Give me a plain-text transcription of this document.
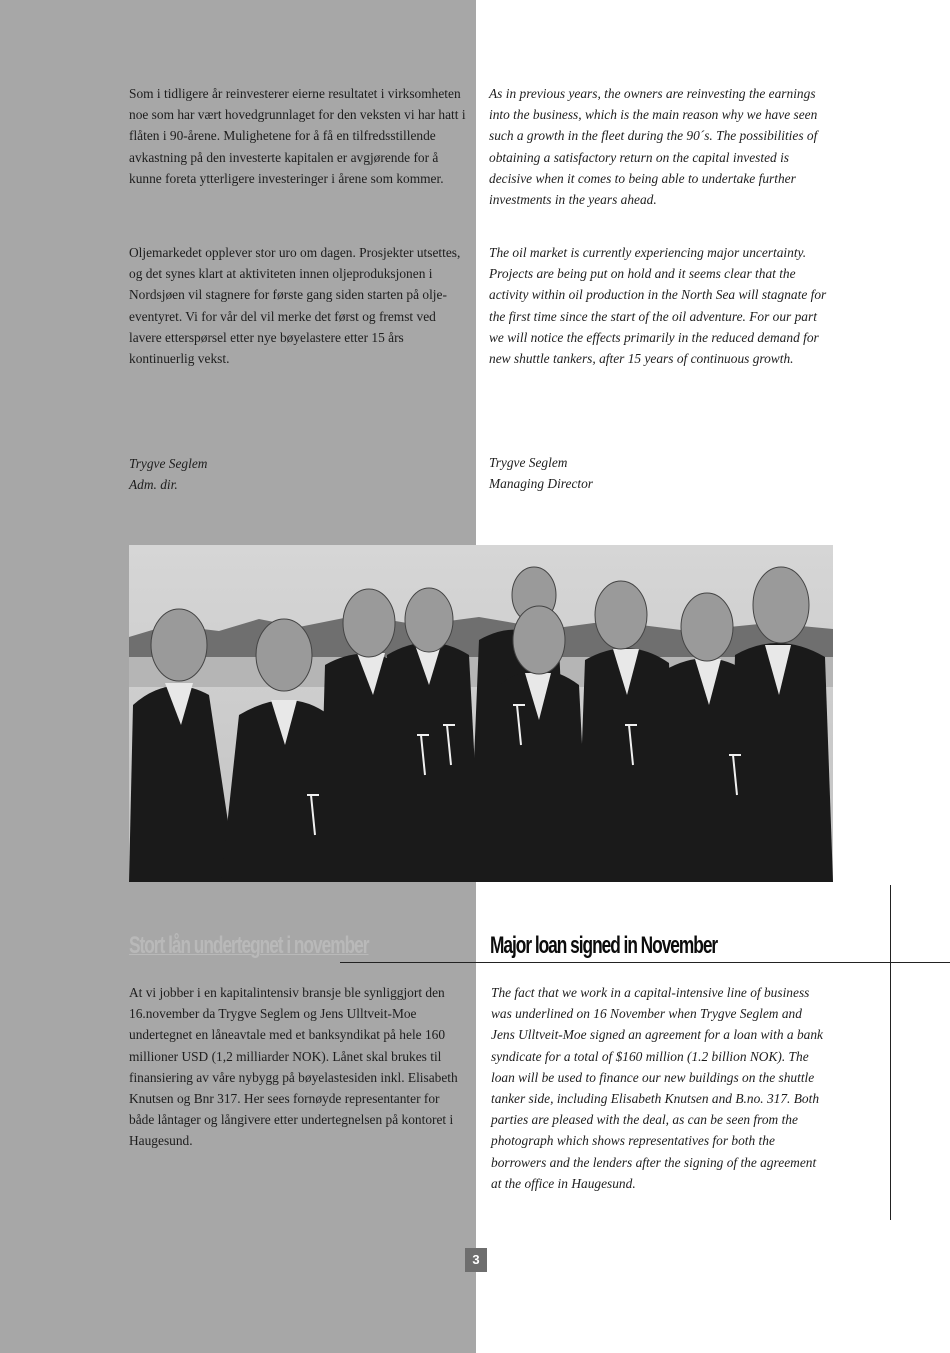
Som i tidligere år reinvesterer eierne resultatet i virksomheten noe som har vært hovedgrunnlaget for den veksten vi har hatt i flåten i 90-årene. Mulighetene for å få en tilfredsstillende avkastning på den investerte kapitalen er avgjørende for å kunne foreta ytterligere investeringer i årene som kommer.

Oljemarkedet opplever stor uro om dagen. Prosjekter utsettes, og det synes klart at aktiviteten innen oljeproduksjonen i Nordsjøen vil stagnere for første gang siden starten på olje-eventyret. Vi for vår del vil merke det først og fremst ved lavere etterspørsel etter nye bøyelastere etter 15 års kontinuerlig vekst.

As in previous years, the owners are reinvesting the earnings into the business, which is the main reason why we have seen such a growth in the fleet during the 90´s. The possibilities of obtaining a satisfactory return on the capital invested is decisive when it comes to being able to undertake further investments in the years ahead.

The oil market is currently experiencing major uncertainty. Projects are being put on hold and it seems clear that the activity within oil production in the North Sea will stagnate for the first time since the start of the oil adventure. For our part we will notice the effects primarily in the reduced demand for new shuttle tankers, after 15 years of continuous growth.

Trygve Seglem

Adm. dir.

Trygve Seglem

Managing Director

Stort lån undertegnet i november	Major loan signed in November

At vi jobber i en kapitalintensiv bransje ble synliggjort den 16.november da Trygve Seglem og Jens Ulltveit-Moe undertegnet en låneavtale med et banksyndikat på hele 160 millioner USD (1,2 milliarder NOK). Lånet skal brukes til finansiering av våre nybygg på bøyelastesiden inkl. Elisabeth Knutsen og Bnr 317. Her sees fornøyde representanter for både låntager og långivere etter undertegnelsen på kontoret i Haugesund.

The fact that we work in a capital-intensive line of business was underlined on 16 November when Trygve Seglem and Jens Ulltveit-Moe signed an agreement for a loan with a bank syndicate for a total of $160 million (1.2 billion NOK). The loan will be used to finance our new buildings on the shuttle tanker side, including Elisabeth Knutsen and B.no. 317. Both parties are pleased with the deal, as can be seen from the photograph which shows representatives for both the borrowers and the lenders after the signing of the agreement at the office in Haugesund.

3
